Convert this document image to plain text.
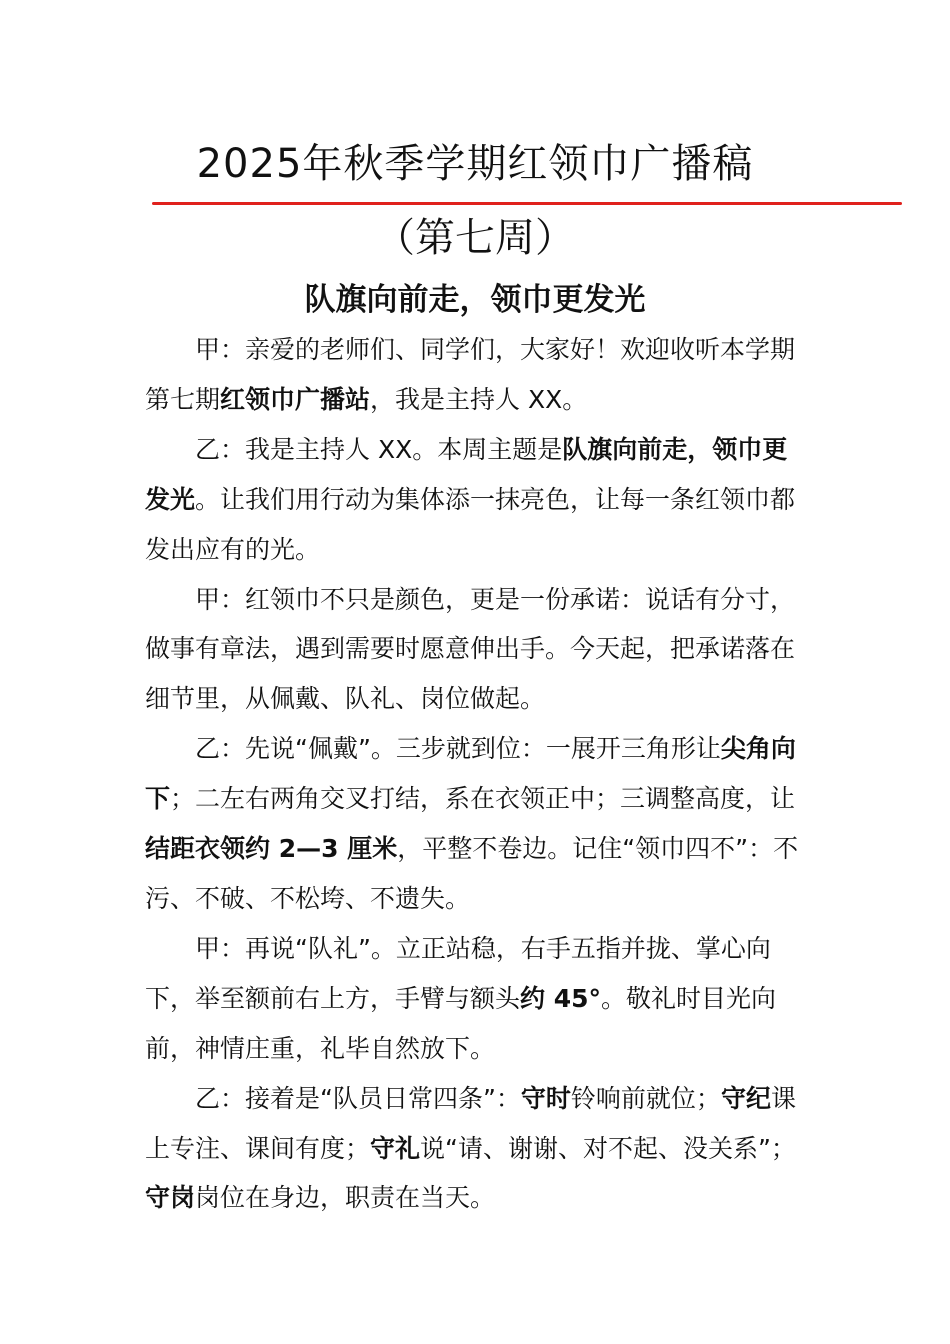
2025年秋季学期红领巾广播稿
（第七周）
队旗向前走，领巾更发光

甲：亲爱的老师们、同学们，大家好！欢迎收听本学期第七期红领巾广播站，我是主持人 XX。

乙：我是主持人 XX。本周主题是队旗向前走，领巾更发光。让我们用行动为集体添一抹亮色，让每一条红领巾都发出应有的光。

甲：红领巾不只是颜色，更是一份承诺：说话有分寸，做事有章法，遇到需要时愿意伸出手。今天起，把承诺落在细节里，从佩戴、队礼、岗位做起。

乙：先说“佩戴”。三步就到位：一展开三角形让尖角向下；二左右两角交叉打结，系在衣领正中；三调整高度，让结距衣领约 2—3 厘米，平整不卷边。记住“领巾四不”：不污、不破、不松垮、不遗失。

甲：再说“队礼”。立正站稳，右手五指并拢、掌心向下，举至额前右上方，手臂与额头约 45°。敬礼时目光向前，神情庄重，礼毕自然放下。

乙：接着是“队员日常四条”：守时铃响前就位；守纪课上专注、课间有度；守礼说“请、谢谢、对不起、没关系”；守岗岗位在身边，职责在当天。
